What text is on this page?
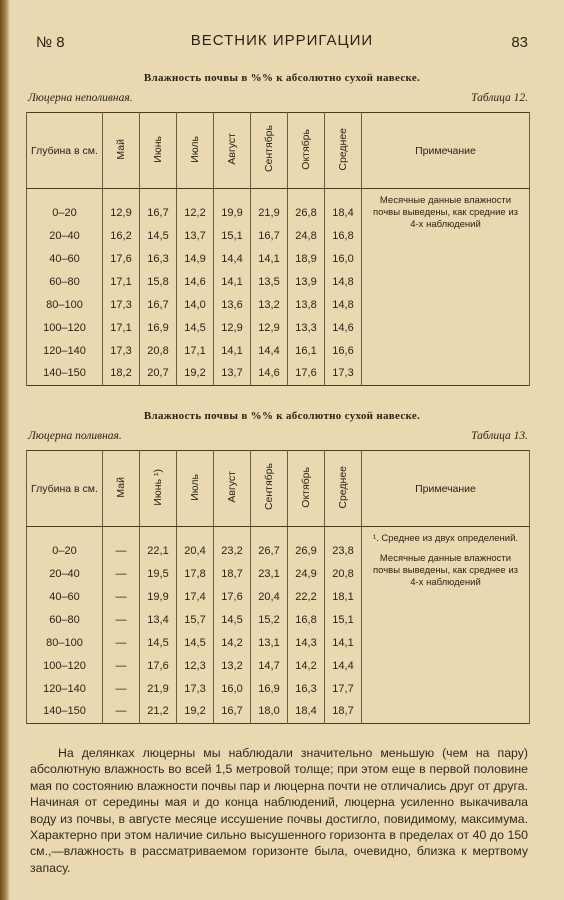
№ 8	ВЕСТНИК ИРРИГАЦИИ	83
Влажность почвы в %% к абсолютно сухой навеске.
Люцерна неполивная.	Таблица 12.
Глубина в см.	Май	Июнь	Июль	Август	Сентябрь	Октябрь	Среднее	Примечание

								Месячные данные влажности почвы выведены, как средние из 4-х наблюдений

0–20	12,9	16,7	12,2	19,9	21,9	26,8	18,4	
20–40	16,2	14,5	13,7	15,1	16,7	24,8	16,8	
40–60	17,6	16,3	14,9	14,4	14,1	18,9	16,0	
60–80	17,1	15,8	14,6	14,1	13,5	13,9	14,8	
80–100	17,3	16,7	14,0	13,6	13,2	13,8	14,8	
100–120	17,1	16,9	14,5	12,9	12,9	13,3	14,6	
120–140	17,3	20,8	17,1	14,1	14,4	16,1	16,6	
140–150	18,2	20,7	19,2	13,7	14,6	17,6	17,3	
Влажность почвы в %% к абсолютно сухой навеске.
Люцерна поливная.	Таблица 13.
Глубина в см.	Май	Июнь ¹)	Июль	Август	Сентябрь	Октябрь	Среднее	Примечание

								¹. Среднее из двух определений.

Месячные данные влажности почвы выведены, как среднее из 4-х наблюдений

0–20	—	22,1	20,4	23,2	26,7	26,9	23,8	
20–40	—	19,5	17,8	18,7	23,1	24,9	20,8	
40–60	—	19,9	17,4	17,6	20,4	22,2	18,1	
60–80	—	13,4	15,7	14,5	15,2	16,8	15,1	
80–100	—	14,5	14,5	14,2	13,1	14,3	14,1	
100–120	—	17,6	12,3	13,2	14,7	14,2	14,4	
120–140	—	21,9	17,3	16,0	16,9	16,3	17,7	
140–150	—	21,2	19,2	16,7	18,0	18,4	18,7	
На делянках люцерны мы наблюдали значительно меньшую (чем на пару) абсолютную влажность во всей 1,5 метровой толще; при этом еще в первой половине мая по состоянию влажности почвы пар и люцерна почти не отличались друг от друга. Начиная от середины мая и до конца наблюдений, люцерна усиленно выкачивала воду из почвы, в августе месяце иссушение почвы достигло, повидимому, максимума. Характерно при этом наличие сильно высушенного горизонта в пределах от 40 до 150 см.,—влажность в рассматриваемом горизонте была, очевидно, близка к мертвому запасу.
